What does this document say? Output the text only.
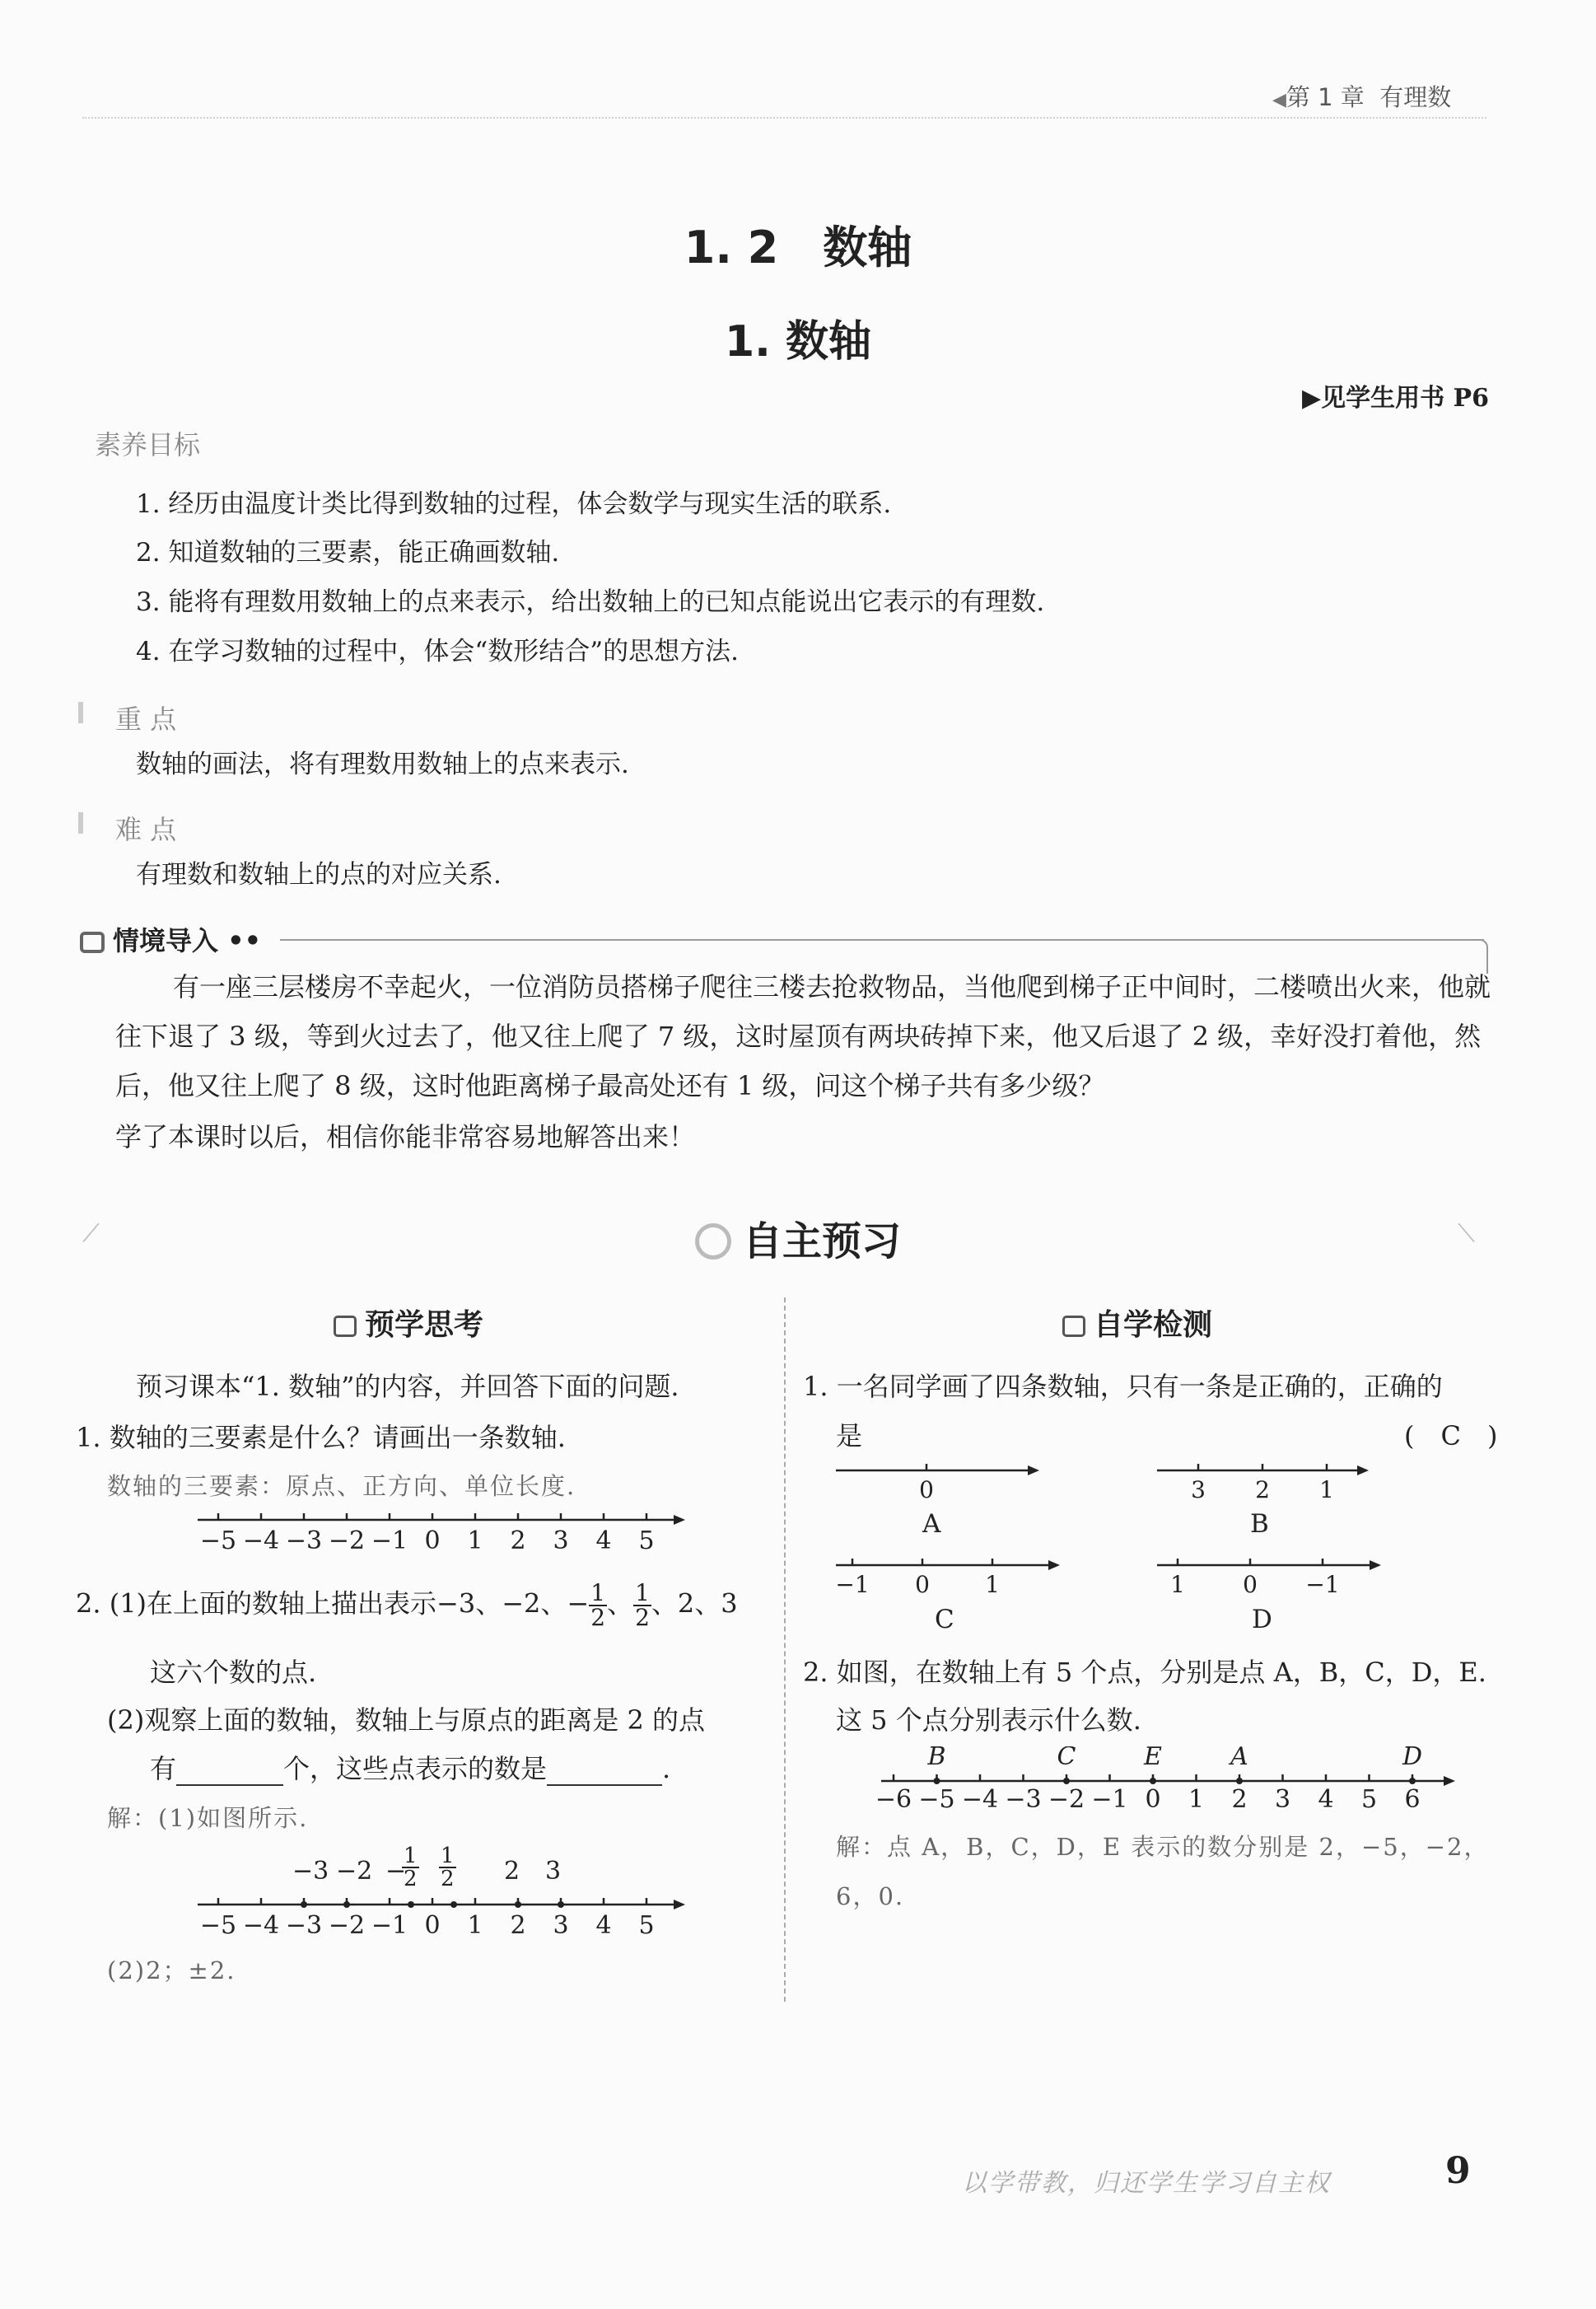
◀第 1 章 有理数
1. 2　数轴
1. 数轴
▶见学生用书 P6
素养目标
1. 经历由温度计类比得到数轴的过程，体会数学与现实生活的联系.
2. 知道数轴的三要素，能正确画数轴.
3. 能将有理数用数轴上的点来表示，给出数轴上的已知点能说出它表示的有理数.
4. 在学习数轴的过程中，体会“数形结合”的思想方法.
重 点
数轴的画法，将有理数用数轴上的点来表示.
难 点
有理数和数轴上的点的对应关系.
情境导入 ••
有一座三层楼房不幸起火，一位消防员搭梯子爬往三楼去抢救物品，当他爬到梯子正中间时，二楼喷出火来，他就往下退了 3 级，等到火过去了，他又往上爬了 7 级，这时屋顶有两块砖掉下来，他又后退了 2 级，幸好没打着他，然后，他又往上爬了 8 级，这时他距离梯子最高处还有 1 级，问这个梯子共有多少级？
学了本课时以后，相信你能非常容易地解答出来！
⟋	⟍
自主预习
预学思考
预习课本“1. 数轴”的内容，并回答下面的问题.
1. 数轴的三要素是什么？请画出一条数轴.
数轴的三要素：原点、正方向、单位长度.
−5 −4 −3 −2 −1 0 1 2 3 4 5
2. (1)在上面的数轴上描出表示−3、−2、− $\frac{1}{2}$ 、 $\frac{1}{2}$ 、2、3
这六个数的点.
(2)观察上面的数轴，数轴上与原点的距离是 2 的点
有	个，这些点表示的数是	.
解：(1)如图所示.
−3 −2 −
$\frac{1}{2} \frac{1}{2} 2$ 3
−5 −4 −3 −2 −1 0 1 2 3 4 5
(2)2；±2.
自学检测
1. 一名同学画了四条数轴，只有一条是正确的，正确的
是	(　C　)
0
A
3 2 1
B
−1 0 1
C
1	0 −1
D
2. 如图，在数轴上有 5 个点，分别是点 A，B，C，D，E.
这 5 个点分别表示什么数.
−6 −5 −4 −3 −2 −1 0 1 2 3 4 5 6
B	C	E	A	D
解：点 A，B，C，D，E 表示的数分别是 2，−5，−2，
6，0.
以学带教，归还学生学习自主权	9
